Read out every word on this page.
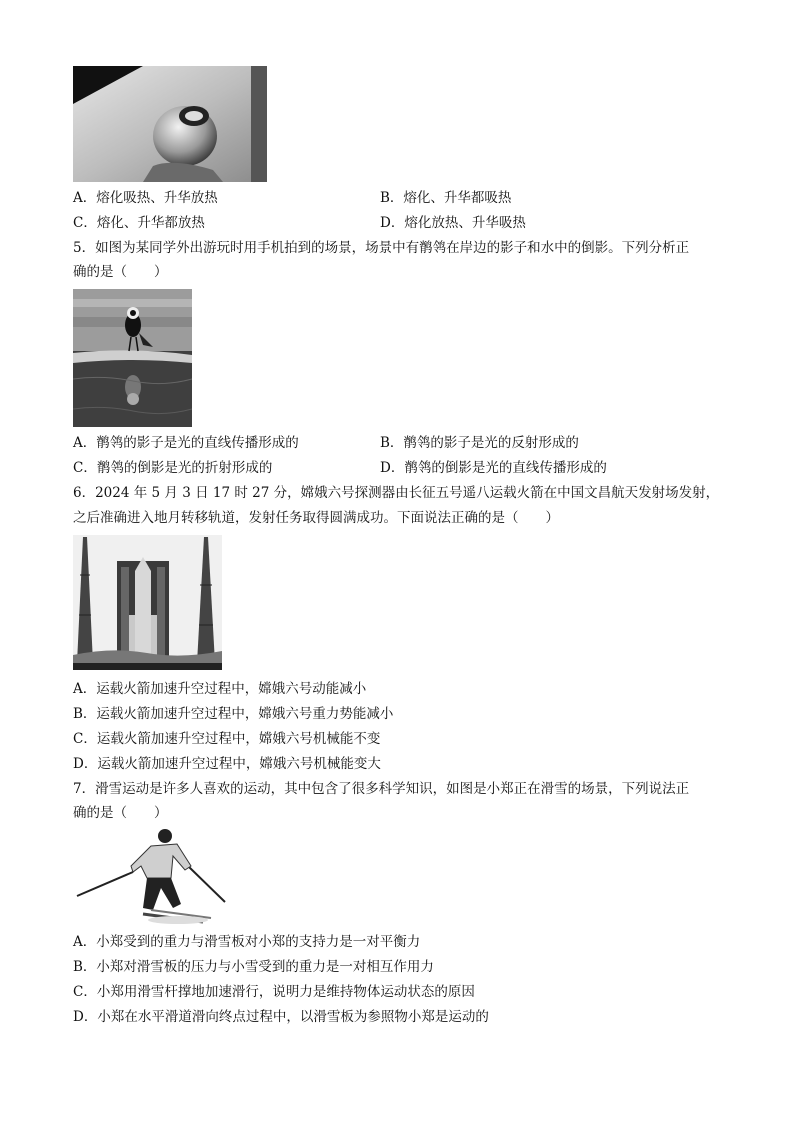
A．熔化吸热、升华放热	B．熔化、升华都吸热
C．熔化、升华都放热	D．熔化放热、升华吸热
5．如图为某同学外出游玩时用手机拍到的场景，场景中有鹡鸰在岸边的影子和水中的倒影。下列分析正
确的是（　　）
A．鹡鸰的影子是光的直线传播形成的	B．鹡鸰的影子是光的反射形成的
C．鹡鸰的倒影是光的折射形成的	D．鹡鸰的倒影是光的直线传播形成的
6．2024 年 5 月 3 日 17 时 27 分，嫦娥六号探测器由长征五号遥八运载火箭在中国文昌航天发射场发射，
之后准确进入地月转移轨道，发射任务取得圆满成功。下面说法正确的是（　　）
A．运载火箭加速升空过程中，嫦娥六号动能减小
B．运载火箭加速升空过程中，嫦娥六号重力势能减小
C．运载火箭加速升空过程中，嫦娥六号机械能不变
D．运载火箭加速升空过程中，嫦娥六号机械能变大
7．滑雪运动是许多人喜欢的运动，其中包含了很多科学知识，如图是小郑正在滑雪的场景，下列说法正
确的是（　　）
A．小郑受到的重力与滑雪板对小郑的支持力是一对平衡力
B．小郑对滑雪板的压力与小雪受到的重力是一对相互作用力
C．小郑用滑雪杆撑地加速滑行，说明力是维持物体运动状态的原因
D．小郑在水平滑道滑向终点过程中，以滑雪板为参照物小郑是运动的
